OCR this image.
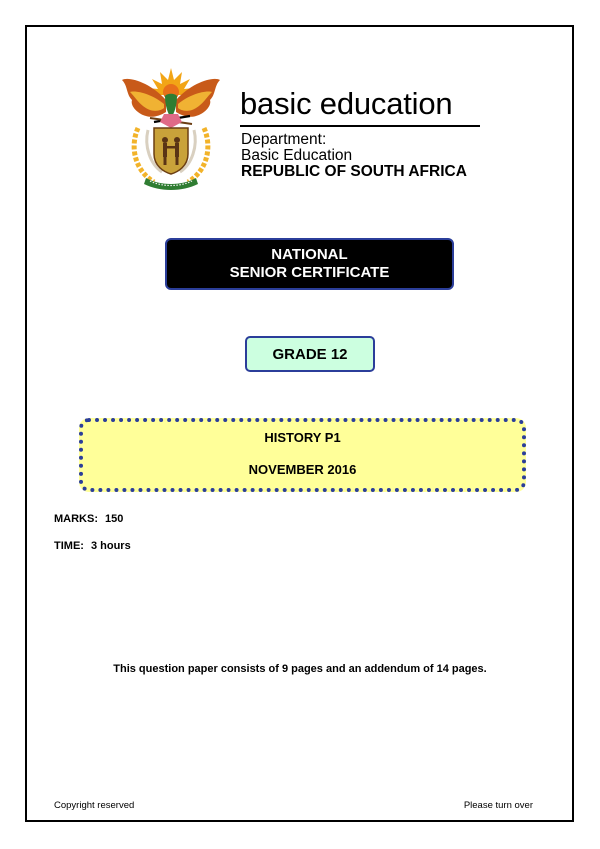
basic education
Department:
Basic Education
REPUBLIC OF SOUTH AFRICA
NATIONAL
SENIOR CERTIFICATE
GRADE 12
HISTORY P1
NOVEMBER 2016
MARKS: 150
TIME: 3 hours
This question paper consists of 9 pages and an addendum of 14 pages.
Copyright reserved	Please turn over
